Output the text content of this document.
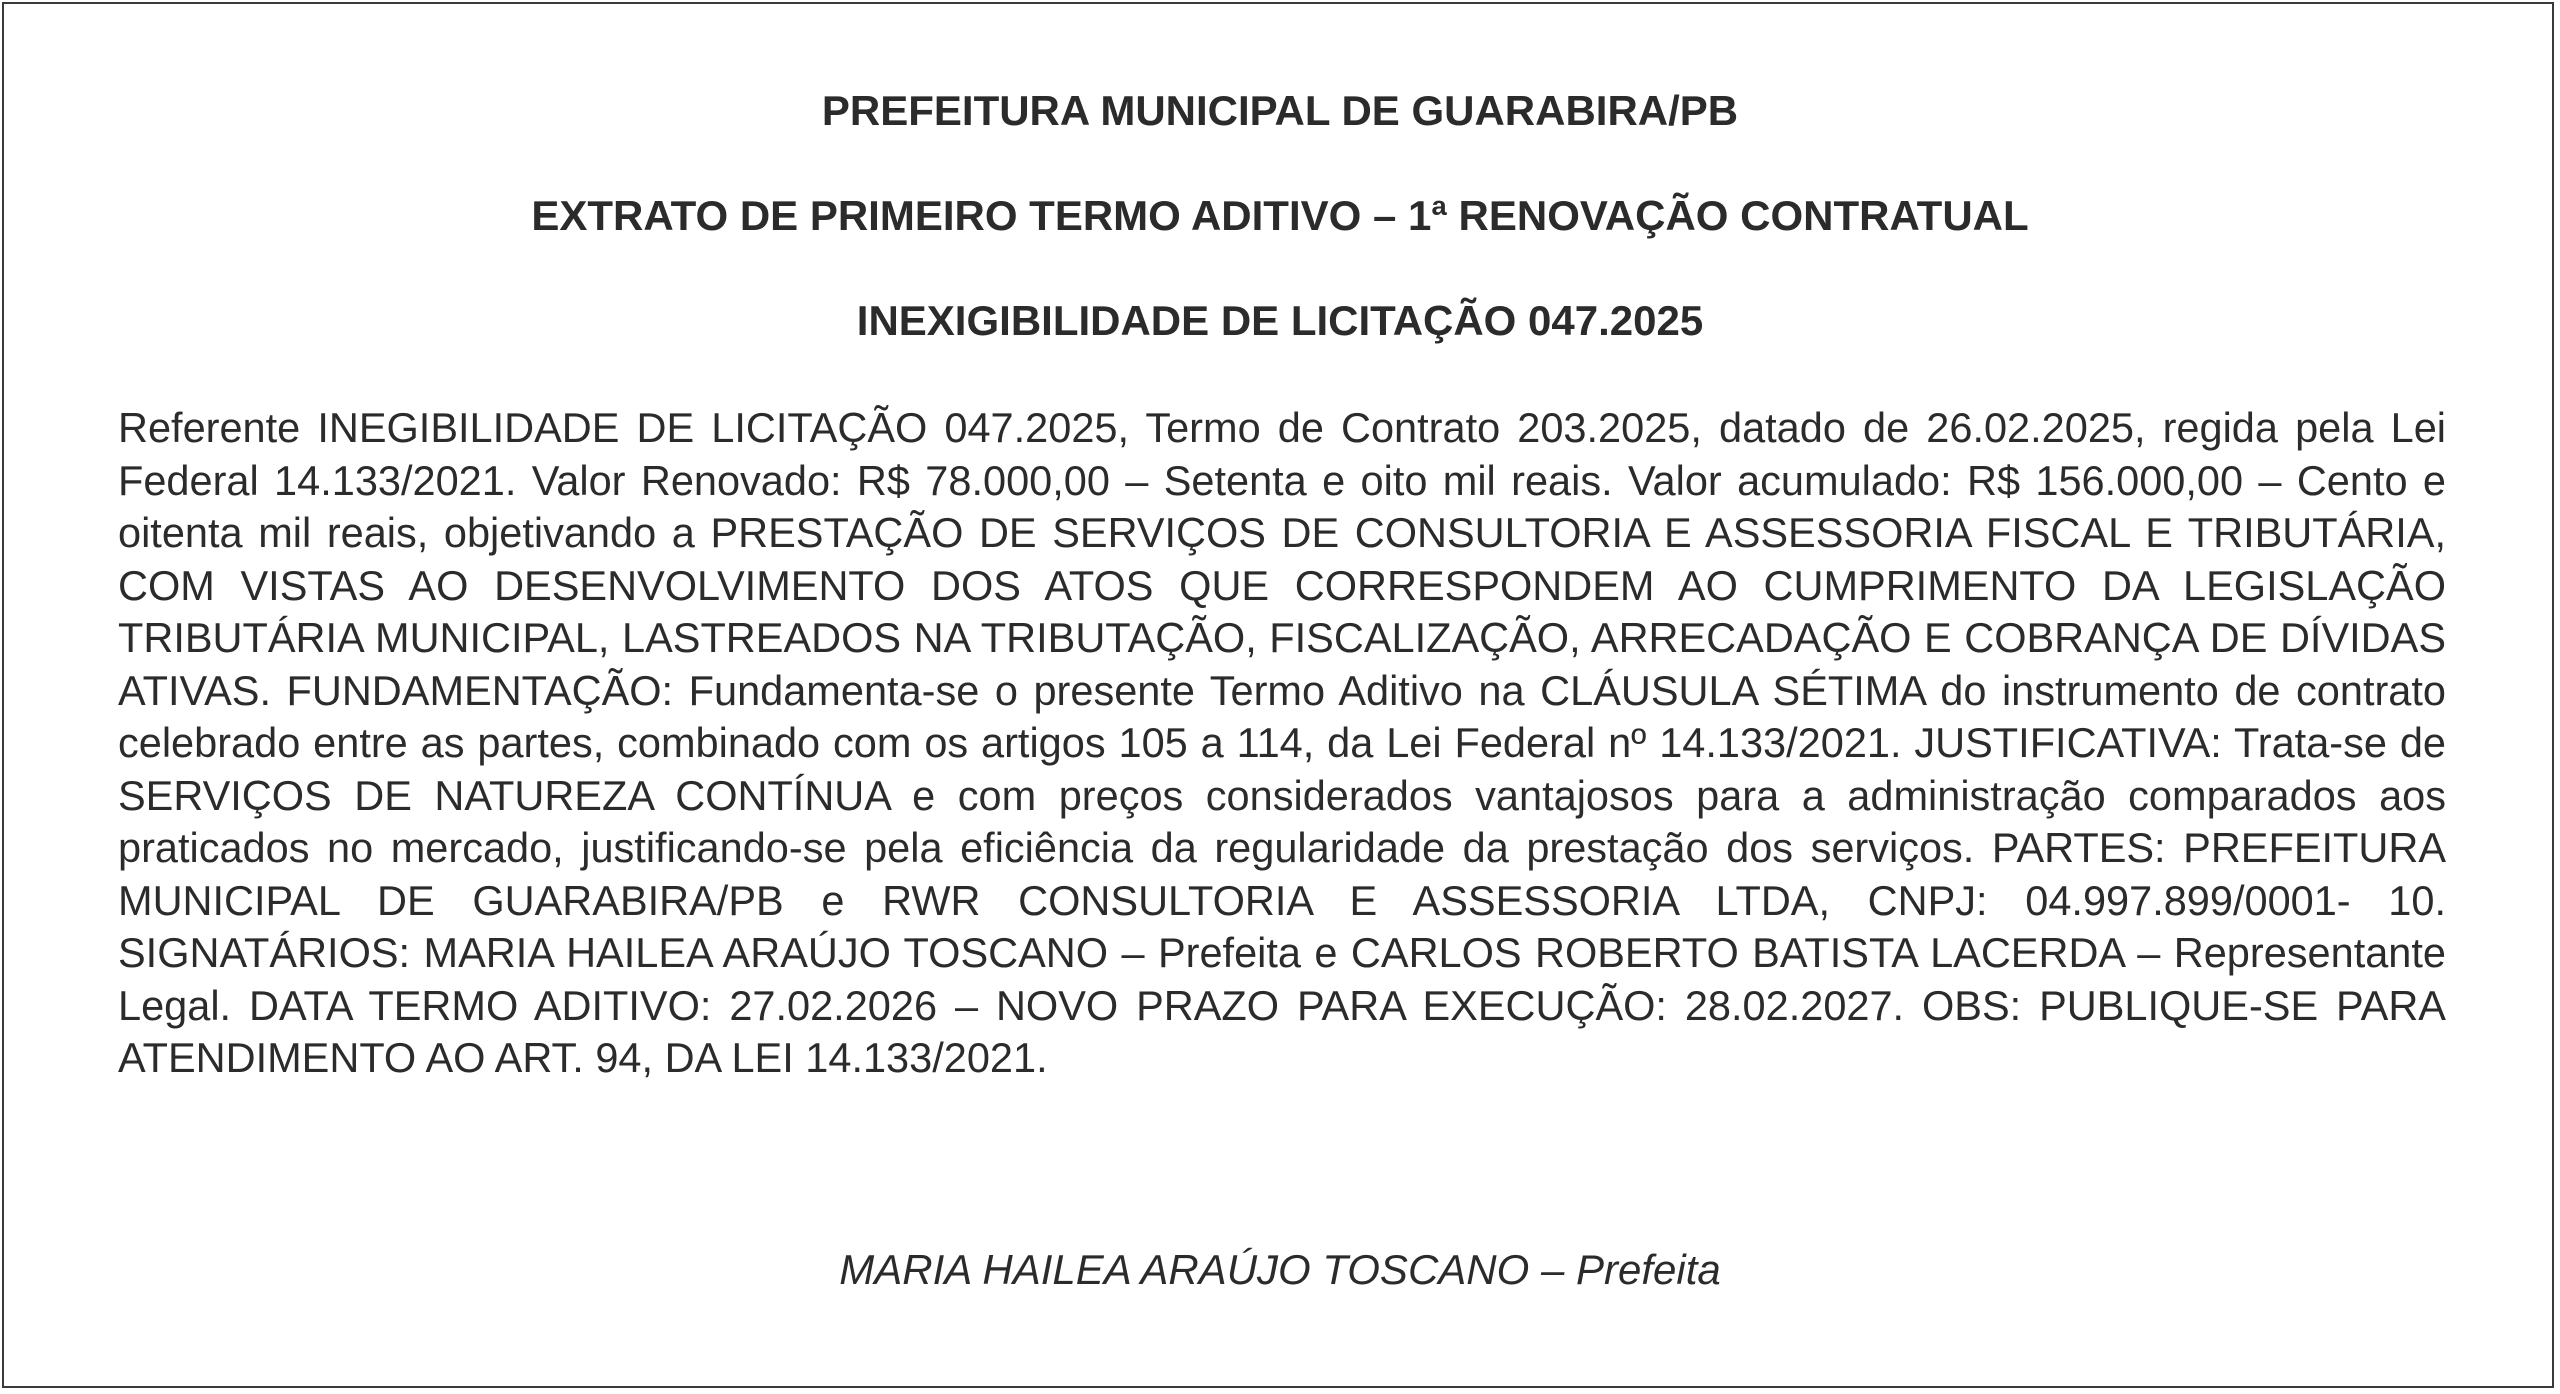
PREFEITURA MUNICIPAL DE GUARABIRA/PB
EXTRATO DE PRIMEIRO TERMO ADITIVO – 1ª RENOVAÇÃO CONTRATUAL
INEXIGIBILIDADE DE LICITAÇÃO 047.2025

Referente INEGIBILIDADE DE LICITAÇÃO 047.2025, Termo de Contrato 203.2025, datado de 26.02.2025, regida pela Lei Federal 14.133/2021. Valor Renovado: R$ 78.000,00 – Setenta e oito mil reais. Valor acumulado: R$ 156.000,00 – Cento e oitenta mil reais, objetivando a PRESTAÇÃO DE SERVIÇOS DE CONSULTORIA E ASSESSORIA FISCAL E TRIBUTÁRIA, COM VISTAS AO DESENVOLVIMENTO DOS ATOS QUE CORRESPONDEM AO CUMPRIMENTO DA LEGISLAÇÃO TRIBUTÁRIA MUNICIPAL, LASTREADOS NA TRIBUTAÇÃO, FISCALIZAÇÃO, ARRECADAÇÃO E COBRANÇA DE DÍVIDAS ATIVAS. FUNDAMENTAÇÃO: Fundamenta-se o presente Termo Aditivo na CLÁUSULA SÉTIMA do instrumento de contrato celebrado entre as partes, combinado com os artigos 105 a 114, da Lei Federal nº 14.133/2021. JUSTIFICATIVA: Trata-se de SERVIÇOS DE NATUREZA CONTÍNUA e com preços considerados vantajosos para a administração comparados aos praticados no mercado, justificando-se pela eficiência da regularidade da prestação dos serviços. PARTES: PREFEITURA MUNICIPAL DE GUARABIRA/PB e RWR CONSULTORIA E ASSESSORIA LTDA, CNPJ: 04.997.899/0001- 10. SIGNATÁRIOS: MARIA HAILEA ARAÚJO TOSCANO – Prefeita e CARLOS ROBERTO BATISTA LACERDA – Representante Legal. DATA TERMO ADITIVO: 27.02.2026 – NOVO PRAZO PARA EXECUÇÃO: 28.02.2027. OBS: PUBLIQUE-SE PARA ATENDIMENTO AO ART. 94, DA LEI 14.133/2021.

MARIA HAILEA ARAÚJO TOSCANO – Prefeita
